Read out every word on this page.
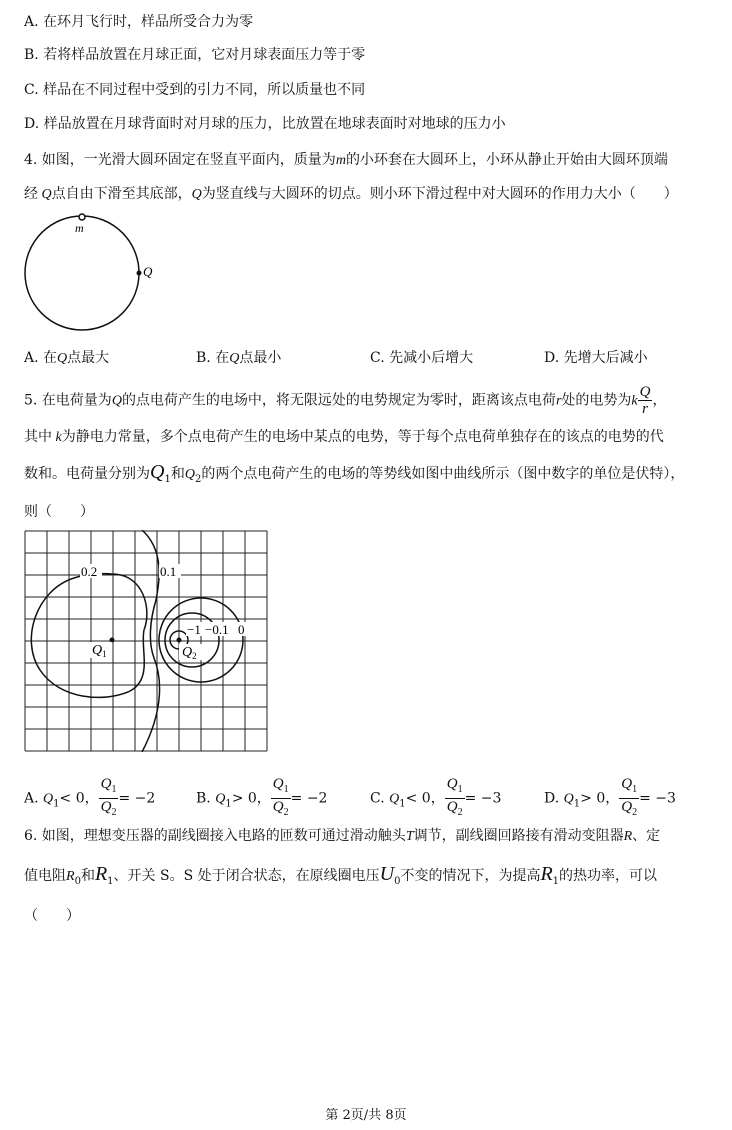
A. 在环月飞行时，样品所受合力为零
B. 若将样品放置在月球正面，它对月球表面压力等于零
C. 样品在不同过程中受到的引力不同，所以质量也不同
D. 样品放置在月球背面时对月球的压力，比放置在地球表面时对地球的压力小
4. 如图，一光滑大圆环固定在竖直平面内，质量为m的小环套在大圆环上，小环从静止开始由大圆环顶端
经 Q点自由下滑至其底部，Q为竖直线与大圆环的切点。则小环下滑过程中对大圆环的作用力大小（　　）
m
Q
A. 在Q点最大	B. 在Q点最小	C. 先减小后增大	D. 先增大后减小
5. 在电荷量为Q的点电荷产生的电场中，将无限远处的电势规定为零时，距离该点电荷r处的电势为k $\frac{Q}{r}$ ，
其中 k为静电力常量，多个点电荷产生的电场中某点的电势，等于每个点电荷单独存在的该点的电势的代
数和。电荷量分别为$Q_1$和$Q_2$的两个点电荷产生的电场的等势线如图中曲线所示（图中数字的单位是伏特），
则（　　）
0.2	0.1
−1 −0.1 0
$Q_1$	$Q_2$
A. $Q_1< 0$， $\frac{Q_1}{Q_2} = -2$	B. $Q_1> 0$， $\frac{Q_1}{Q_2} = -2$	C. $Q_1< 0$， $\frac{Q_1}{Q_2} = -3$	D. $Q_1> 0$， $\frac{Q_1}{Q_2} = -3$
6. 如图，理想变压器的副线圈接入电路的匝数可通过滑动触头T调节，副线圈回路接有滑动变阻器R、定
值电阻$R_0$和$R_1$、开关 S。S 处于闭合状态，在原线圈电压$U_0$不变的情况下，为提高$R_1$的热功率，可以
（　　）
第 2页/共 8页
